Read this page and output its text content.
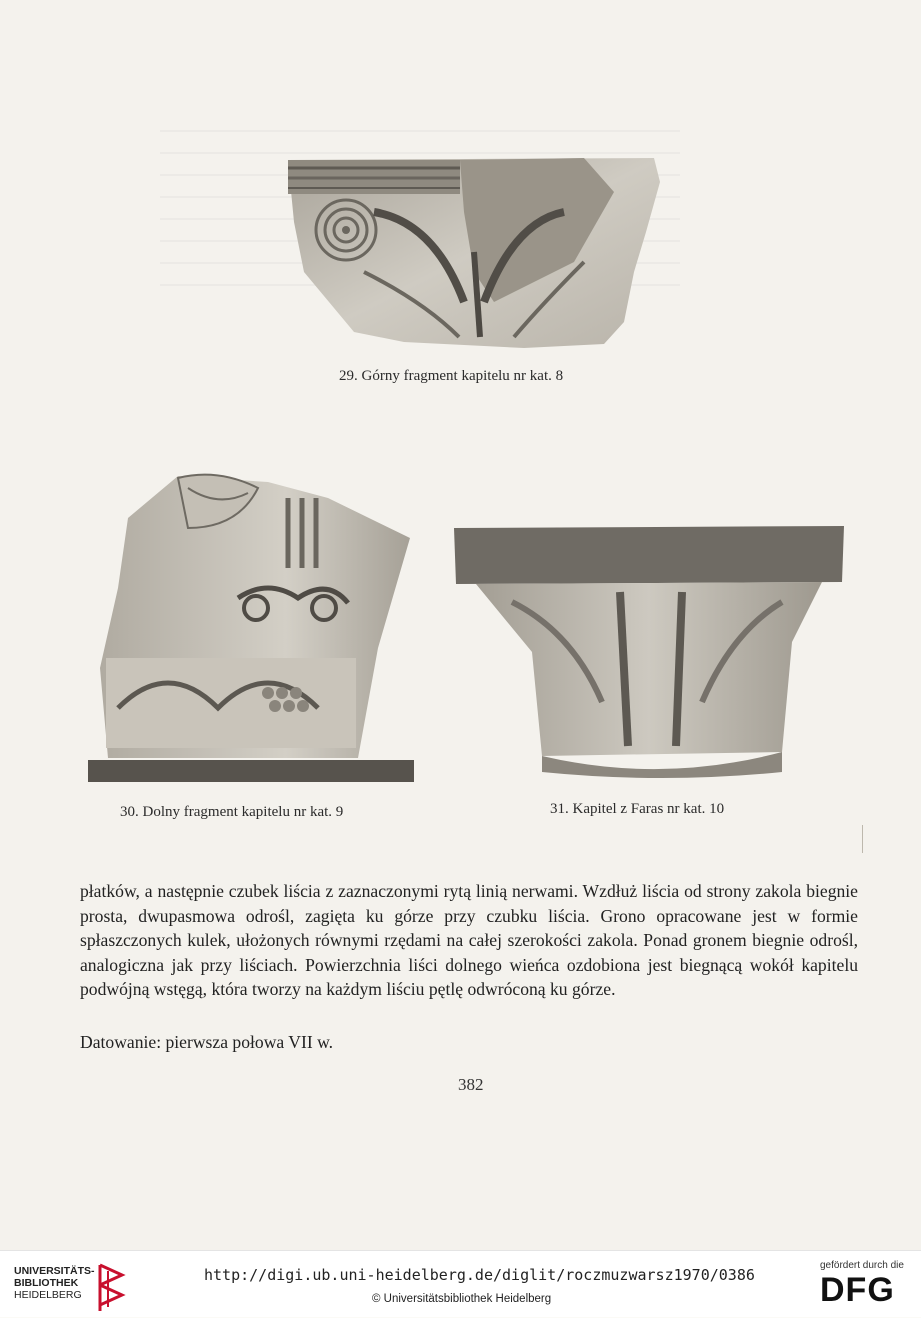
29. Górny fragment kapitelu nr kat. 8
30. Dolny fragment kapitelu nr kat. 9	31. Kapitel z Faras nr kat. 10

płatków, a następnie czubek liścia z zaznaczonymi rytą linią nerwami. Wzdłuż liścia od strony zakola biegnie prosta, dwupasmowa odrośl, zagięta ku górze przy czubku liścia. Grono opracowane jest w formie spłaszczonych kulek, ułożonych równymi rzędami na całej szerokości zakola. Ponad gronem biegnie odrośl, analogiczna jak przy liściach. Powierzchnia liści dolnego wieńca ozdobiona jest biegnącą wokół kapitelu podwójną wstęgą, która tworzy na każdym liściu pętlę odwróconą ku górze.

Datowanie: pierwsza połowa VII w.
382
UNIVERSITÄTS-
BIBLIOTHEK
HEIDELBERG
http://digi.ub.uni-heidelberg.de/diglit/roczmuzwarsz1970/0386
© Universitätsbibliothek Heidelberg
gefördert durch die
DFG
